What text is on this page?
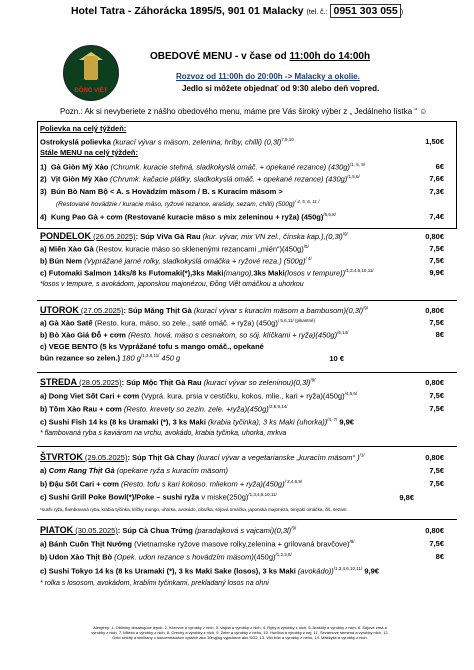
Hotel Tatra - Záhorácka 1895/5, 901 01 Malacky (tel. č.: 0951 303 055 )
ĐỒNG VIỆT
OBEDOVÉ MENU - v čase od 11:00h do 14:00h
Rozvoz od 11:00h do 20:00h -> Malacky a okolie.
Jedlo si môžete objednať od 9:30 alebo deň vopred.
Pozn.: Ak si nevyberiete z nášho obedového menu, máme pre Vás široký výber z „ Jedálneho lístka “ ☺
Polievka na celý týždeň:
Ostrokyslá polievka (kurací vývar s mäsom, zelenina, hríby, chilli) $(0,3l)^{7,9,10}$	1,50€
Stále MENU na celý týždeň:
1) Gà Giòn Mỳ Xào (Chrumk. kuracie stehná, sladkokyslá omáč. + opekané rezance) $(430g)^{/1, 5, 9/}$	6€
2) Vịt Giòn Mỳ Xào (Chrumk. kačacie plátky, sladkokyslá omáč. + opekané rezance) $(430g)^{/1,5,6/}$	7,6€
3) Bún Bò Nam Bộ < A. s Hovädzím mäsom / B. s Kuracím mäsom >	7,3€
(Restované hovädzie / kuracie mäso, ryžové rezance, arašidy, sezam, chilli) $(500g)^{/ 4, 5, 6, 11 /}$
4) Kung Pao Gà + cơm (Restované kuracie mäso s mix zeleninou + ryža) $(450g)^{/5,6,8/}$	7,4€
PONDELOK (26.05.2025): Súp ViVa Gà Rau (kur. vývar, mix VN zel., čínska $kap.),(0,3l)^{/9/}$	0,80€
a) Miến Xào Gà (Restov. kuracie mäso so sklenenými rezancami $„mién“)(450g)^{/5/}$	7,5€
b) Bún Nem (Vyprážané jarné rolky, sladkokyslá omáčka + ryžové reza.) $(500g)^{/ 4/}$	7,5€
c) Futomaki Salmon 14ks/8 ks Futomaki(*),3ks Maki(mango),3ks Maki(losos v tempure))$^{/1,3,4,6,10,11/}$	9,9€
*losos v tempure, s avokádom, japonskou majonézou, Đồng Việt omáčkou a uhorkou
UTOROK (27.05.2025): Súp Măng Thịt Gà (kurací vývar s kuracím mäsom a $bambusom)(0,3l)^{/9/}$	0,80€
a) Gà Xào Satế (Resto. kura. mäso, so zele., saté omáč. + ryža) $(450g)^{/ 5,6,11/ (pikantné)}$	7,5€
b) Bò Xào Giá Đỗ + cơm (Resto. hová. mäso s cesnakom, so sój. klíčkami + $ryža)(450g)^{/6,14/}$	8€
c) VEGE BENTO (5 ks Vyprážané tofu s mango omáč., opekané
bún rezance so zelen.) 180 $g^{/1,3,8,11/}$ 450 g	10 €
STREDA (28.05.2025): Súp Mộc Thịt Gà Rau (kurací vývar so $zeleninou)(0,3l)^{/9/}$	0,80€
a) Dong Viet Sốt Cari + cơm (Vyprá. kura. prsia v cestíčku, kokos. mlie., kari + $ryža)(450g)^{/4,5,6/}$	7,5€
b) Tôm Xào Rau + cơm (Resto. krevety so zezin. zele. $+ryža)(450g)^{/2,6,9,14/}$	7,5€
c) Sushi Fish 14 ks (8 ks Uramaki (*), 3 ks Maki (krabia tyčinka), 3 ks Maki (uhorka))$^{/4, 7/}$ 9,9€
* flambovaná ryba s kaviárom na vrchu, avokádo, krabia tyčinka, uhorka, mrkva
ŠTVRTOK (29.05.2025): Súp Thịt Gà Chay (kurací vývar a vegetarianske „kuracím mäsom“ )$^{/1/}$	0,80€
a) Cơm Rang Thịt Gà (opekane ryža s kuracím mäsom)	7,5€
b) Đậu Sốt Cari + cơm (Resto. tofu s kari kokoso. mliekom + $ryža)(450g)^{/ 2,4,6,9/}$	7,5€
c) Sushi Grill Poke Bowl(*)/Poke – sushi ryža v $miske(250g)^{/1,3,4,6,10,11/}$	9,8€
*sushi ryža, flambovaná ryba, krabia tyčinka, klíčky mungo, uhorka, avokádo, cibuľka, sójová omáčka, japonská majonéza, teriyaki omáčka, čili, sezam.
PIATOK (30.05.2025): Súp Cà Chua Trứng (paradajková s $vajcami)(0,3l)^{/9/}$	0,80€
a) Bánh Cuốn Thịt Nướng (Vietnamske ryžove masove rolky,zelenina + grilovaná bravčove)$^{/9/}$	7,5€
b) Udon Xào Thịt Bò (Opek. udon rezance s hovädzím $mäsom)(450g)^{/1,2,3,6/}$	8€
c) Sushi Tokyo 14 ks (8 ks Uramaki (*), 3 ks Maki Sake (losos), 3 ks Maki (avokádo))$^{/1,3,4,6,10,11/}$ 9,9€
* rolka s lososom, avokádom, krabími tyčinkami, prekladaný losos na ohni
Alergény: 1. Obilniny obsahujúce lepok, 2. Kôrovce a výrobky z nich, 3. Vajcia a výrobky z nich, 4. Ryby a výrobky z nich, 5. Arašidy a výrobky z nich, 6. Sójové zrná a výrobky z nich, 7. Mlieko a výrobky z nich, 8. Orechy a výrobky z nich, 9. Zeler a výrobky z neho, 10. Horčica a výrobky z nej, 11. Sezamové semená a výrobky nich, 12. Oxid siričitý a siričitany v koncentráciách vyšších ako 10mg/kg vyjadrené ako SO2, 13. Vlčí bôb a výrobky z neho, 14. Mäkkýše a výrobky z nich.
